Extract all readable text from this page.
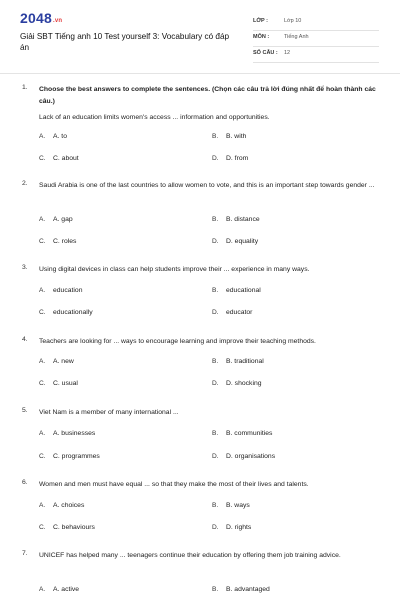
2048.vn
Giải SBT Tiếng anh 10 Test yourself 3: Vocabulary có đáp án
LỚP :	Lớp 10
MÔN :	Tiếng Anh
SỐ CÂU : 12
1. Choose the best answers to complete the sentences. (Chọn các câu trả lời đúng nhất để hoàn thành các câu.)
Lack of an education limits women's access ... information and opportunities.
A. A. to	B. B. with
C. C. about	D. D. from
2. Saudi Arabia is one of the last countries to allow women to vote, and this is an important step towards gender ...
A. A. gap	B. B. distance
C. C. roles	D. D. equality
3. Using digital devices in class can help students improve their ... experience in many ways.
A. education	B. educational
C. educationally	D. educator
4. Teachers are looking for ... ways to encourage learning and improve their teaching methods.
A. A. new	B. B. traditional
C. C. usual	D. D. shocking
5. Viet Nam is a member of many international ...
A. A. businesses	B. B. communities
C. C. programmes	D. D. organisations
6. Women and men must have equal ... so that they make the most of their lives and talents.
A. A. choices	B. B. ways
C. C. behaviours	D. D. rights
7. UNICEF has helped many ... teenagers continue their education by offering them job training advice.
A. A. active	B. B. advantaged
